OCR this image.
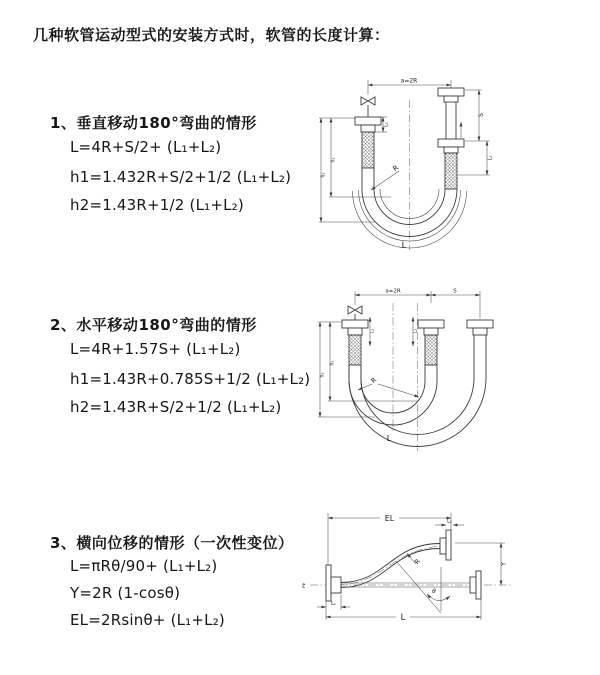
几种软管运动型式的安装方式时，软管的长度计算：
1、垂直移动180°弯曲的情形
L=4R+S/2+ (L₁+L₂)
h1=1.432R+S/2+1/2 (L₁+L₂)
h2=1.43R+1/2 (L₁+L₂)
2、水平移动180°弯曲的情形
L=4R+1.57S+ (L₁+L₂)
h1=1.43R+0.785S+1/2 (L₁+L₂)
h2=1.43R+S/2+1/2 (L₁+L₂)
3、横向位移的情形（一次性变位）
L=πRθ/90+ (L₁+L₂)
Y=2R (1-cosθ)
EL=2Rsinθ+ (L₁+L₂)
a=2R
L₁
S
L₂
h₁
h₂
R
L
a=2R	S
L₁	L₂
h₁
h₂
R
L
EL	L₂
Y
z̄
θ
R
L₁
L
